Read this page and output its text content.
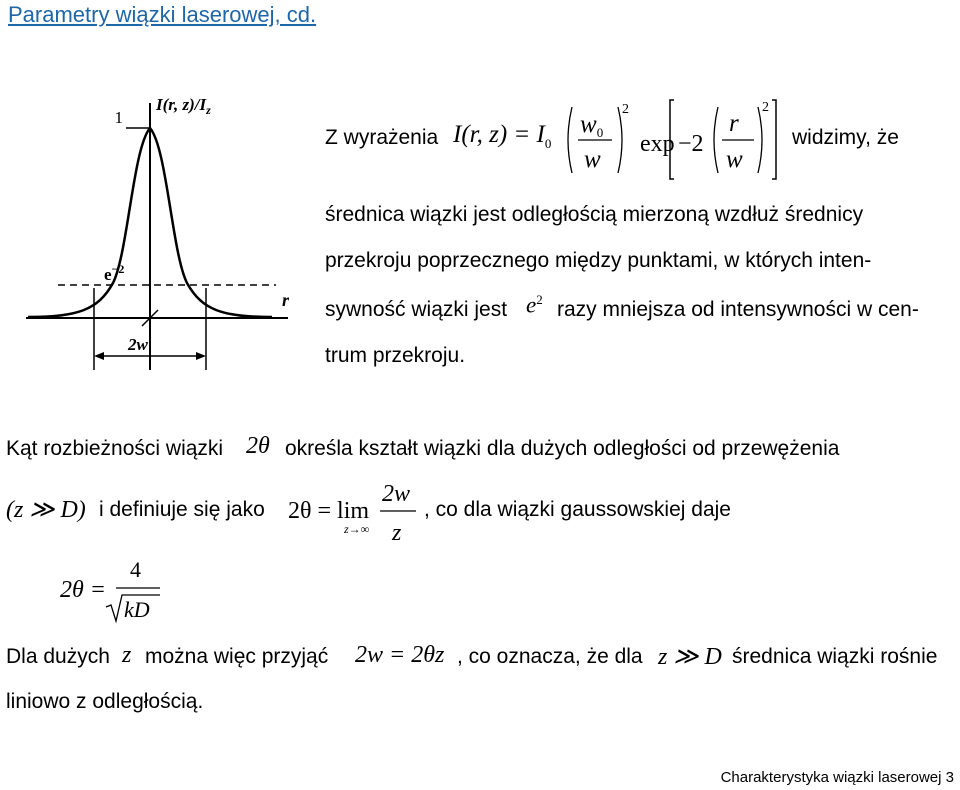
Parametry wiązki laserowej, cd.
1
I(r, $z)/I_z$
$e^{-2}$
r
2w
Z wyrażenia I(r, $z) = I_0$
$w_0$
w
2
exp −2
r
w
2
widzimy, że
średnica wiązki jest odległością mierzoną wzdłuż średnicy
przekroju poprzecznego między punktami, w których inten-
sywność wiązki jest $e^2$ razy mniejsza od intensywności w cen-
trum przekroju.
Kąt rozbieżności wiązki 2θ określa kształt wiązki dla dużych odległości od przewężenia
(z ≫ D) i definiuje się jako 2θ = lim
z→∞
2w
z
, co dla wiązki gaussowskiej daje
2θ =
4
kD
Dla dużych z można więc przyjąć 2w = 2θz , co oznacza, że dla z ≫ D średnica wiązki rośnie
liniowo z odległością.
Charakterystyka wiązki laserowej 3
